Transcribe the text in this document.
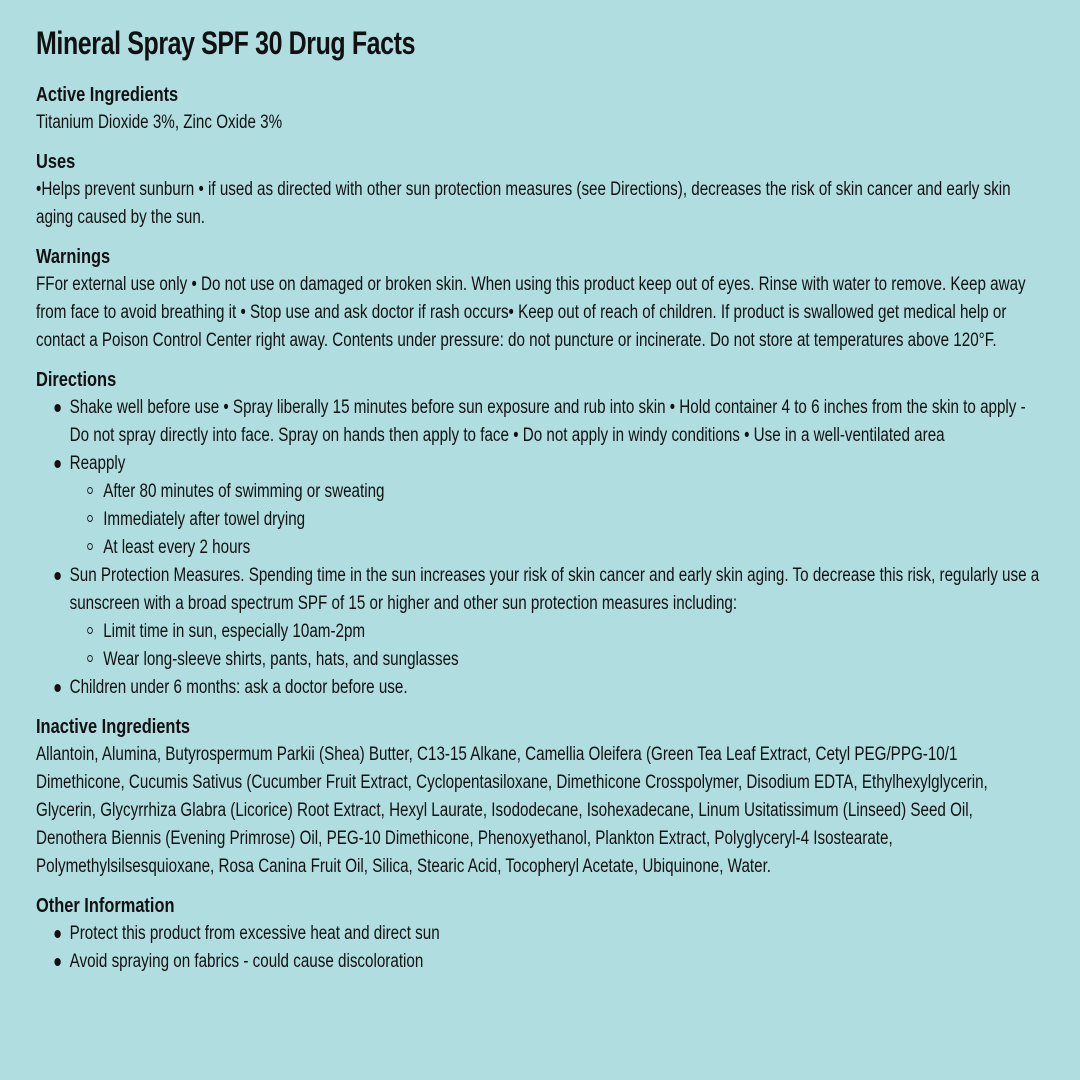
Mineral Spray SPF 30 Drug Facts
Active Ingredients

Titanium Dioxide 3%, Zinc Oxide 3%

Uses

•Helps prevent sunburn • if used as directed with other sun protection measures (see Directions), decreases the risk of skin cancer and early skin aging caused by the sun.

Warnings

FFor external use only • Do not use on damaged or broken skin. When using this product keep out of eyes. Rinse with water to remove. Keep away from face to avoid breathing it • Stop use and ask doctor if rash occurs• Keep out of reach of children. If product is swallowed get medical help or contact a Poison Control Center right away. Contents under pressure: do not puncture or incinerate. Do not store at temperatures above 120°F.

Directions
Shake well before use • Spray liberally 15 minutes before sun exposure and rub into skin • Hold container 4 to 6 inches from the skin to apply - Do not spray directly into face. Spray on hands then apply to face • Do not apply in windy conditions • Use in a well-ventilated area
Reapply
After 80 minutes of swimming or sweating
Immediately after towel drying
At least every 2 hours
Sun Protection Measures. Spending time in the sun increases your risk of skin cancer and early skin aging. To decrease this risk, regularly use a sunscreen with a broad spectrum SPF of 15 or higher and other sun protection measures including:
Limit time in sun, especially 10am-2pm
Wear long-sleeve shirts, pants, hats, and sunglasses
Children under 6 months: ask a doctor before use.
Inactive Ingredients

Allantoin, Alumina, Butyrospermum Parkii (Shea) Butter, C13-15 Alkane, Camellia Oleifera (Green Tea Leaf Extract, Cetyl PEG/PPG-10/1 Dimethicone, Cucumis Sativus (Cucumber Fruit Extract, Cyclopentasiloxane, Dimethicone Crosspolymer, Disodium EDTA, Ethylhexylglycerin, Glycerin, Glycyrrhiza Glabra (Licorice) Root Extract, Hexyl Laurate, Isododecane, Isohexadecane, Linum Usitatissimum (Linseed) Seed Oil, Denothera Biennis (Evening Primrose) Oil, PEG-10 Dimethicone, Phenoxyethanol, Plankton Extract, Polyglyceryl-4 Isostearate, Polymethylsilsesquioxane, Rosa Canina Fruit Oil, Silica, Stearic Acid, Tocopheryl Acetate, Ubiquinone, Water.

Other Information
Protect this product from excessive heat and direct sun
Avoid spraying on fabrics - could cause discoloration
